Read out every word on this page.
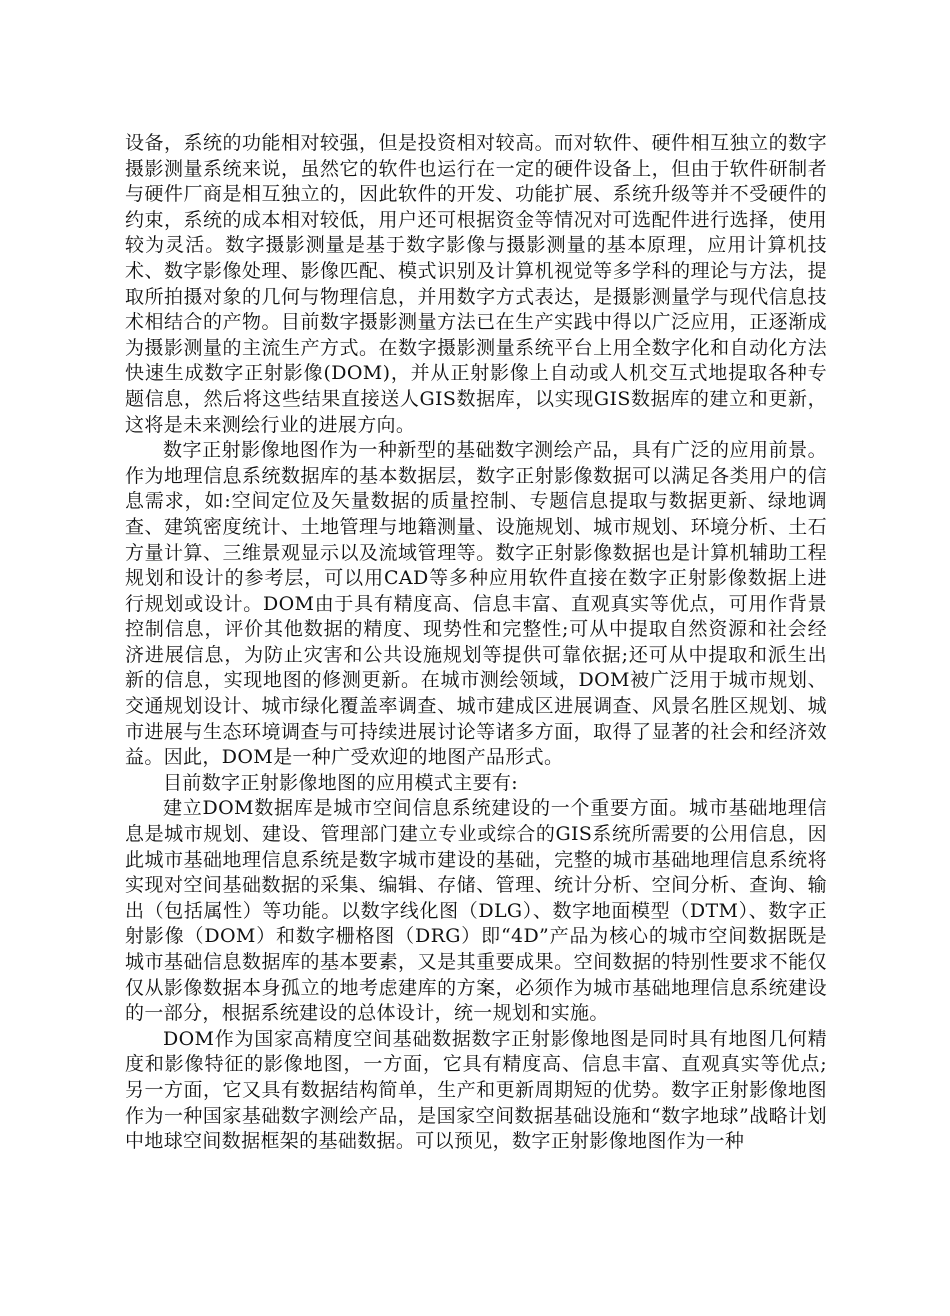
设备，系统的功能相对较强，但是投资相对较高。而对软件、硬件相互独立的数字摄影测量系统来说，虽然它的软件也运行在一定的硬件设备上，但由于软件研制者与硬件厂商是相互独立的，因此软件的开发、功能扩展、系统升级等并不受硬件的约束，系统的成本相对较低，用户还可根据资金等情况对可选配件进行选择，使用较为灵活。数字摄影测量是基于数字影像与摄影测量的基本原理，应用计算机技术、数字影像处理、影像匹配、模式识别及计算机视觉等多学科的理论与方法，提取所拍摄对象的几何与物理信息，并用数字方式表达，是摄影测量学与现代信息技术相结合的产物。目前数字摄影测量方法已在生产实践中得以广泛应用，正逐渐成为摄影测量的主流生产方式。在数字摄影测量系统平台上用全数字化和自动化方法快速生成数字正射影像(DOM)，并从正射影像上自动或人机交互式地提取各种专题信息，然后将这些结果直接送人GIS数据库，以实现GIS数据库的建立和更新，这将是未来测绘行业的进展方向。

数字正射影像地图作为一种新型的基础数字测绘产品，具有广泛的应用前景。作为地理信息系统数据库的基本数据层，数字正射影像数据可以满足各类用户的信息需求，如:空间定位及矢量数据的质量控制、专题信息提取与数据更新、绿地调查、建筑密度统计、土地管理与地籍测量、设施规划、城市规划、环境分析、土石方量计算、三维景观显示以及流域管理等。数字正射影像数据也是计算机辅助工程规划和设计的参考层，可以用CAD等多种应用软件直接在数字正射影像数据上进行规划或设计。DOM由于具有精度高、信息丰富、直观真实等优点，可用作背景控制信息，评价其他数据的精度、现势性和完整性;可从中提取自然资源和社会经济进展信息，为防止灾害和公共设施规划等提供可靠依据;还可从中提取和派生出新的信息，实现地图的修测更新。在城市测绘领域，DOM被广泛用于城市规划、交通规划设计、城市绿化覆盖率调查、城市建成区进展调查、风景名胜区规划、城市进展与生态环境调查与可持续进展讨论等诸多方面，取得了显著的社会和经济效益。因此，DOM是一种广受欢迎的地图产品形式。

目前数字正射影像地图的应用模式主要有:

建立DOM数据库是城市空间信息系统建设的一个重要方面。城市基础地理信息是城市规划、建设、管理部门建立专业或综合的GIS系统所需要的公用信息，因此城市基础地理信息系统是数字城市建设的基础，完整的城市基础地理信息系统将实现对空间基础数据的采集、编辑、存储、管理、统计分析、空间分析、查询、输出（包括属性）等功能。以数字线化图（DLG）、数字地面模型（DTM）、数字正射影像（DOM）和数字栅格图（DRG）即“4D”产品为核心的城市空间数据既是城市基础信息数据库的基本要素，又是其重要成果。空间数据的特别性要求不能仅仅从影像数据本身孤立的地考虑建库的方案，必须作为城市基础地理信息系统建设的一部分，根据系统建设的总体设计，统一规划和实施。

DOM作为国家高精度空间基础数据数字正射影像地图是同时具有地图几何精度和影像特征的影像地图，一方面，它具有精度高、信息丰富、直观真实等优点;另一方面，它又具有数据结构简单，生产和更新周期短的优势。数字正射影像地图作为一种国家基础数字测绘产品，是国家空间数据基础设施和“数字地球”战略计划中地球空间数据框架的基础数据。可以预见，数字正射影像地图作为一种
